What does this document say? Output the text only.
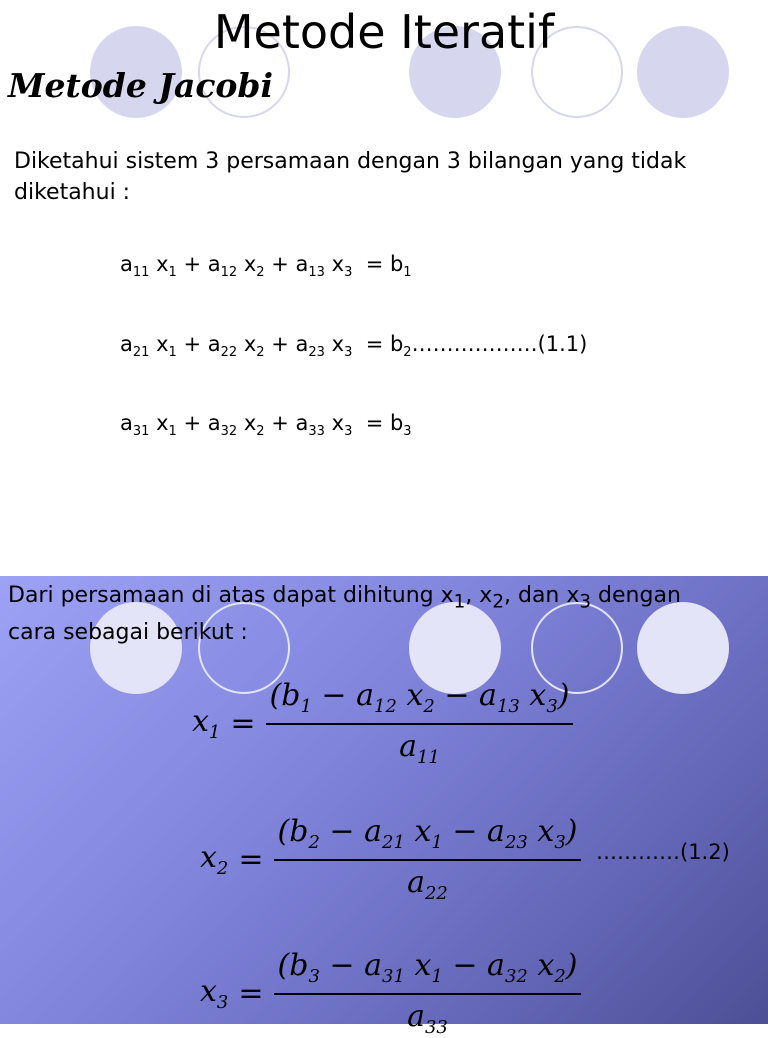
Metode Iteratif
Metode Jacobi

Diketahui sistem 3 persamaan dengan 3 bilangan yang tidak
diketahui :

$a_{11}$ $x_1 + a_{12}$ $x_2 + a_{13}$ $x_3 = b_1$
$a_{21}$ $x_1 + a_{22}$ $x_2 + a_{23}$ $x_3$  = $b_2\dots\dots\dots\dots\dots\dots(1.1)$
$a_{31}$ $x_1 + a_{32}$ $x_2 + a_{33}$ $x_3 = b_3$

Dari persamaan di atas dapat dihitung $x_1$, $x_2$, dan $x_3$ dengan
cara sebagai berikut :

$x_1 = \frac{(b_1 - a_{12} x_2 - a_{13} x_3)}{a_{11}}$
$x_2 = \frac{(b_2 - a_{21} x_1 - a_{23} x_3)}{a_{22}}$ …………(1.2)
$x_3 = \frac{(b_3 - a_{31} x_1 - a_{32} x_2)}{a_{33}}$
